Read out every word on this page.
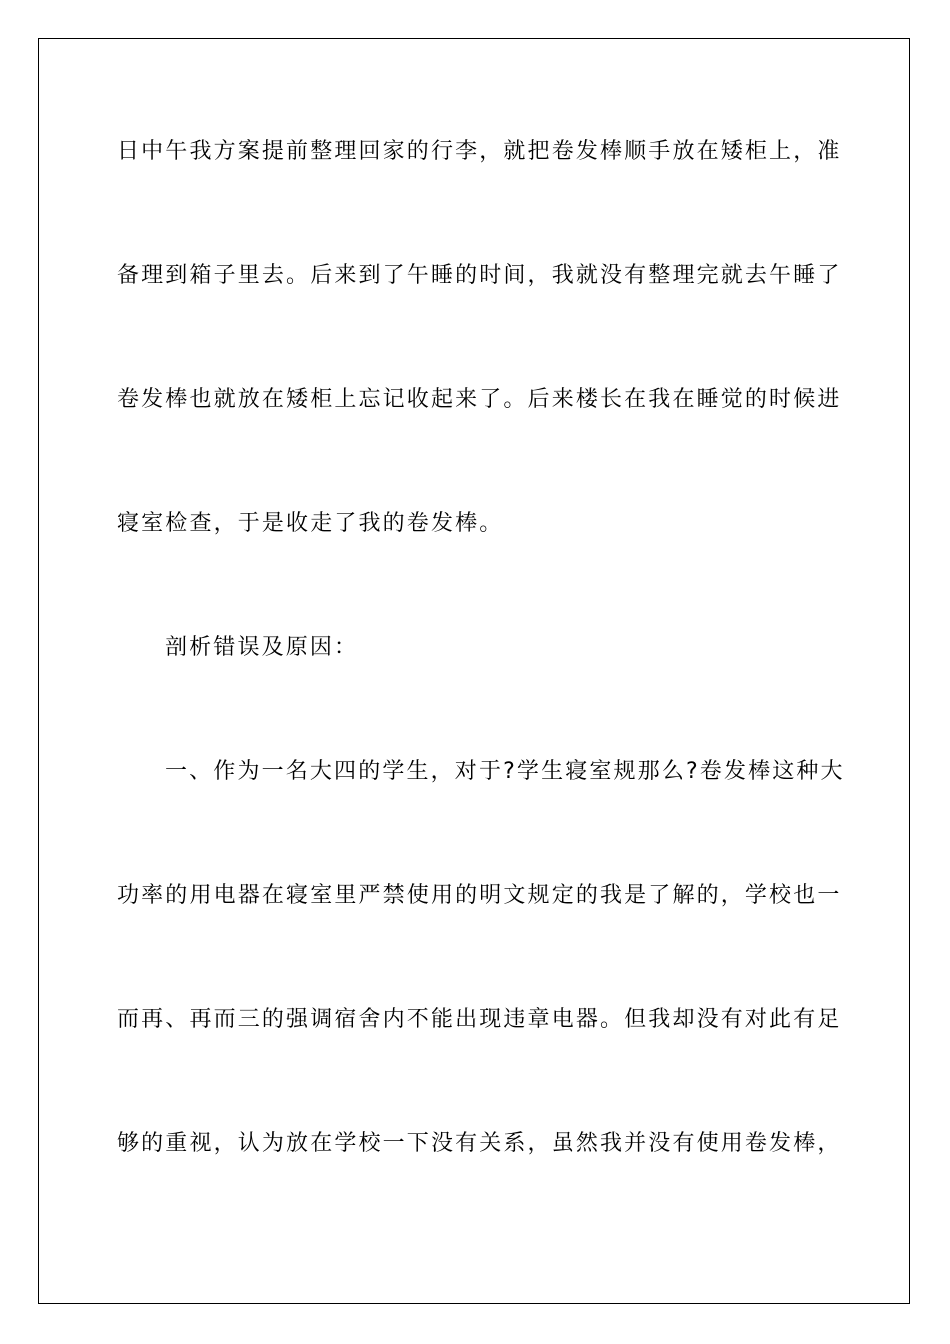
日中午我方案提前整理回家的行李，就把卷发棒顺手放在矮柜上，准
备理到箱子里去。后来到了午睡的时间，我就没有整理完就去午睡了
卷发棒也就放在矮柜上忘记收起来了。后来楼长在我在睡觉的时候进
寝室检查，于是收走了我的卷发棒。
剖析错误及原因：
一、作为一名大四的学生，对于?学生寝室规那么?卷发棒这种大
功率的用电器在寝室里严禁使用的明文规定的我是了解的，学校也一
而再、再而三的强调宿舍内不能出现违章电器。但我却没有对此有足
够的重视，认为放在学校一下没有关系，虽然我并没有使用卷发棒，
